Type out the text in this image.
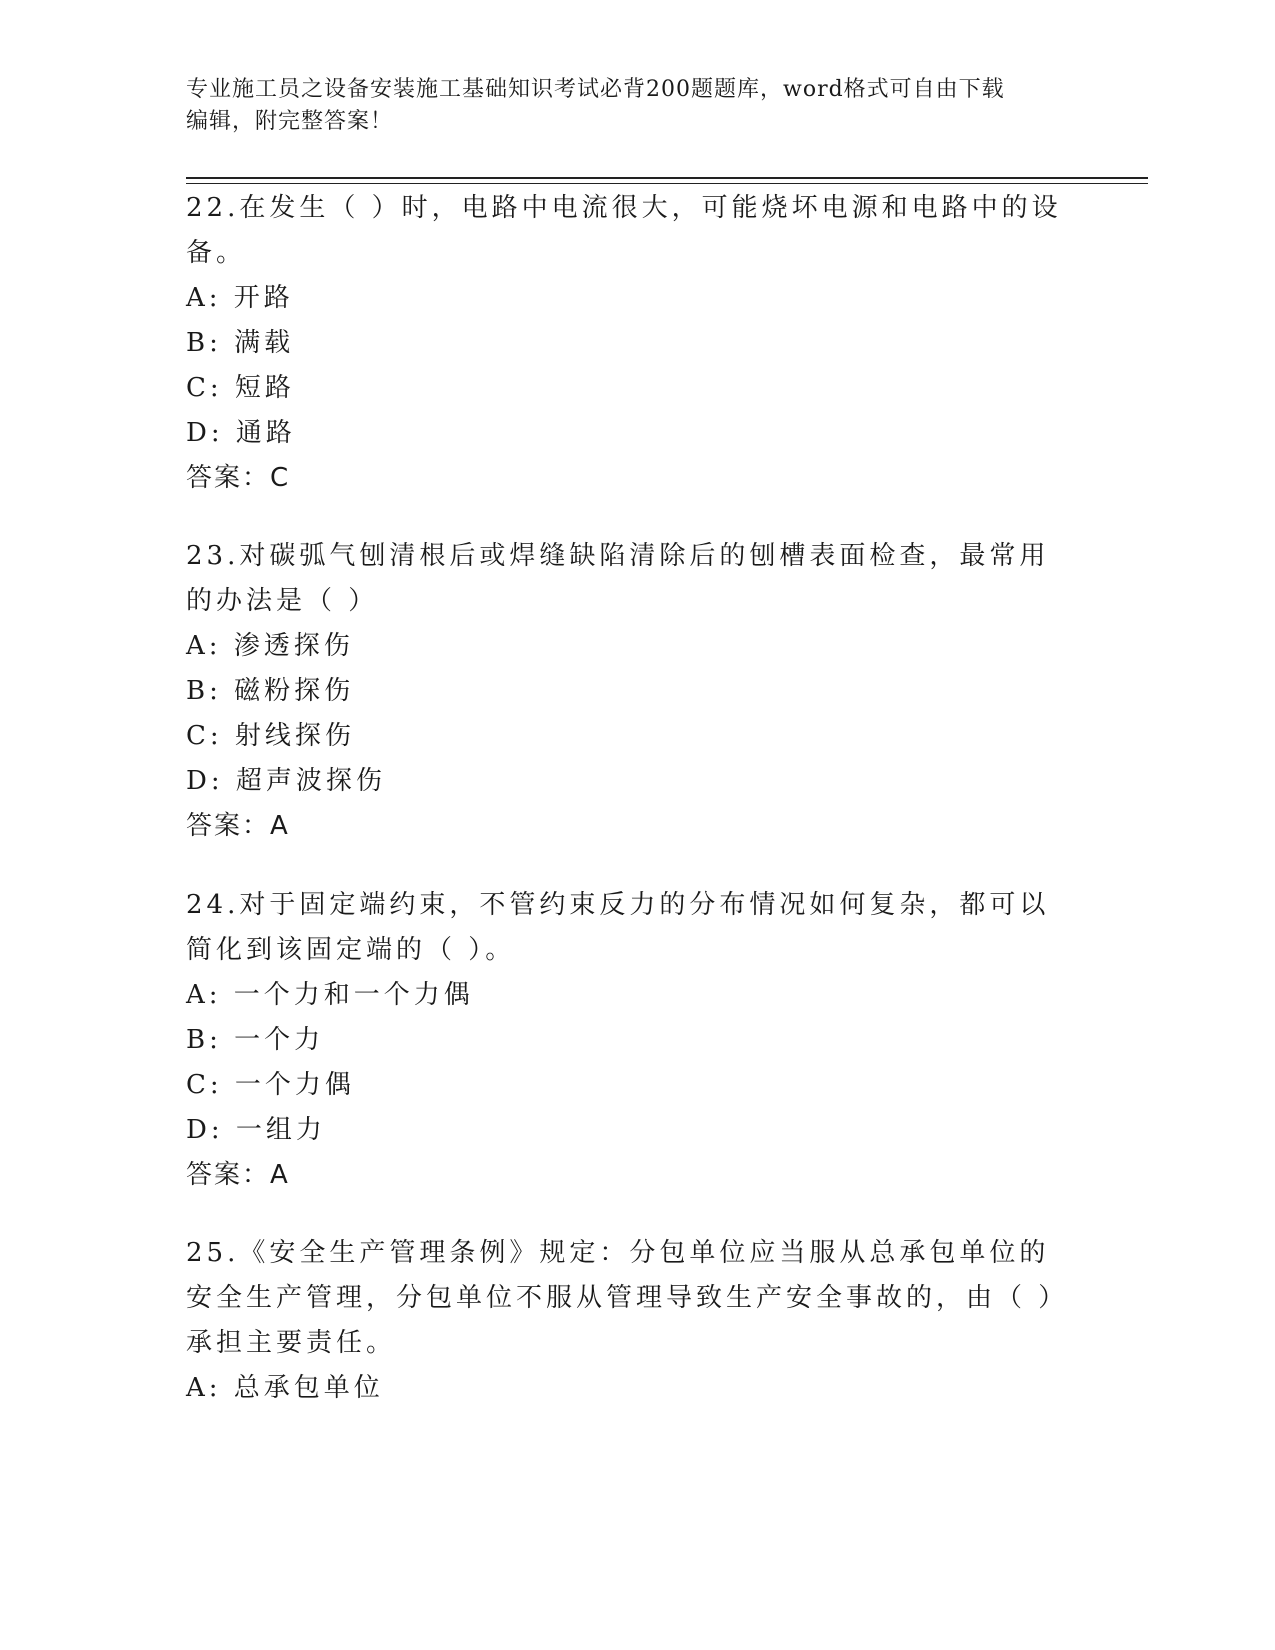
专业施工员之设备安装施工基础知识考试必背200题题库，word格式可自由下载
编辑，附完整答案！

22.在发生（ ）时，电路中电流很大，可能烧坏电源和电路中的设备。

A: 开路

B: 满载

C: 短路

D: 通路

答案：C

23.对碳弧气刨清根后或焊缝缺陷清除后的刨槽表面检查，最常用的办法是（ ）

A: 渗透探伤

B: 磁粉探伤

C: 射线探伤

D: 超声波探伤

答案：A

24.对于固定端约束，不管约束反力的分布情况如何复杂，都可以简化到该固定端的（ ）。

A: 一个力和一个力偶

B: 一个力

C: 一个力偶

D: 一组力

答案：A

25.《安全生产管理条例》规定：分包单位应当服从总承包单位的安全生产管理，分包单位不服从管理导致生产安全事故的，由（ ）承担主要责任。

A: 总承包单位
